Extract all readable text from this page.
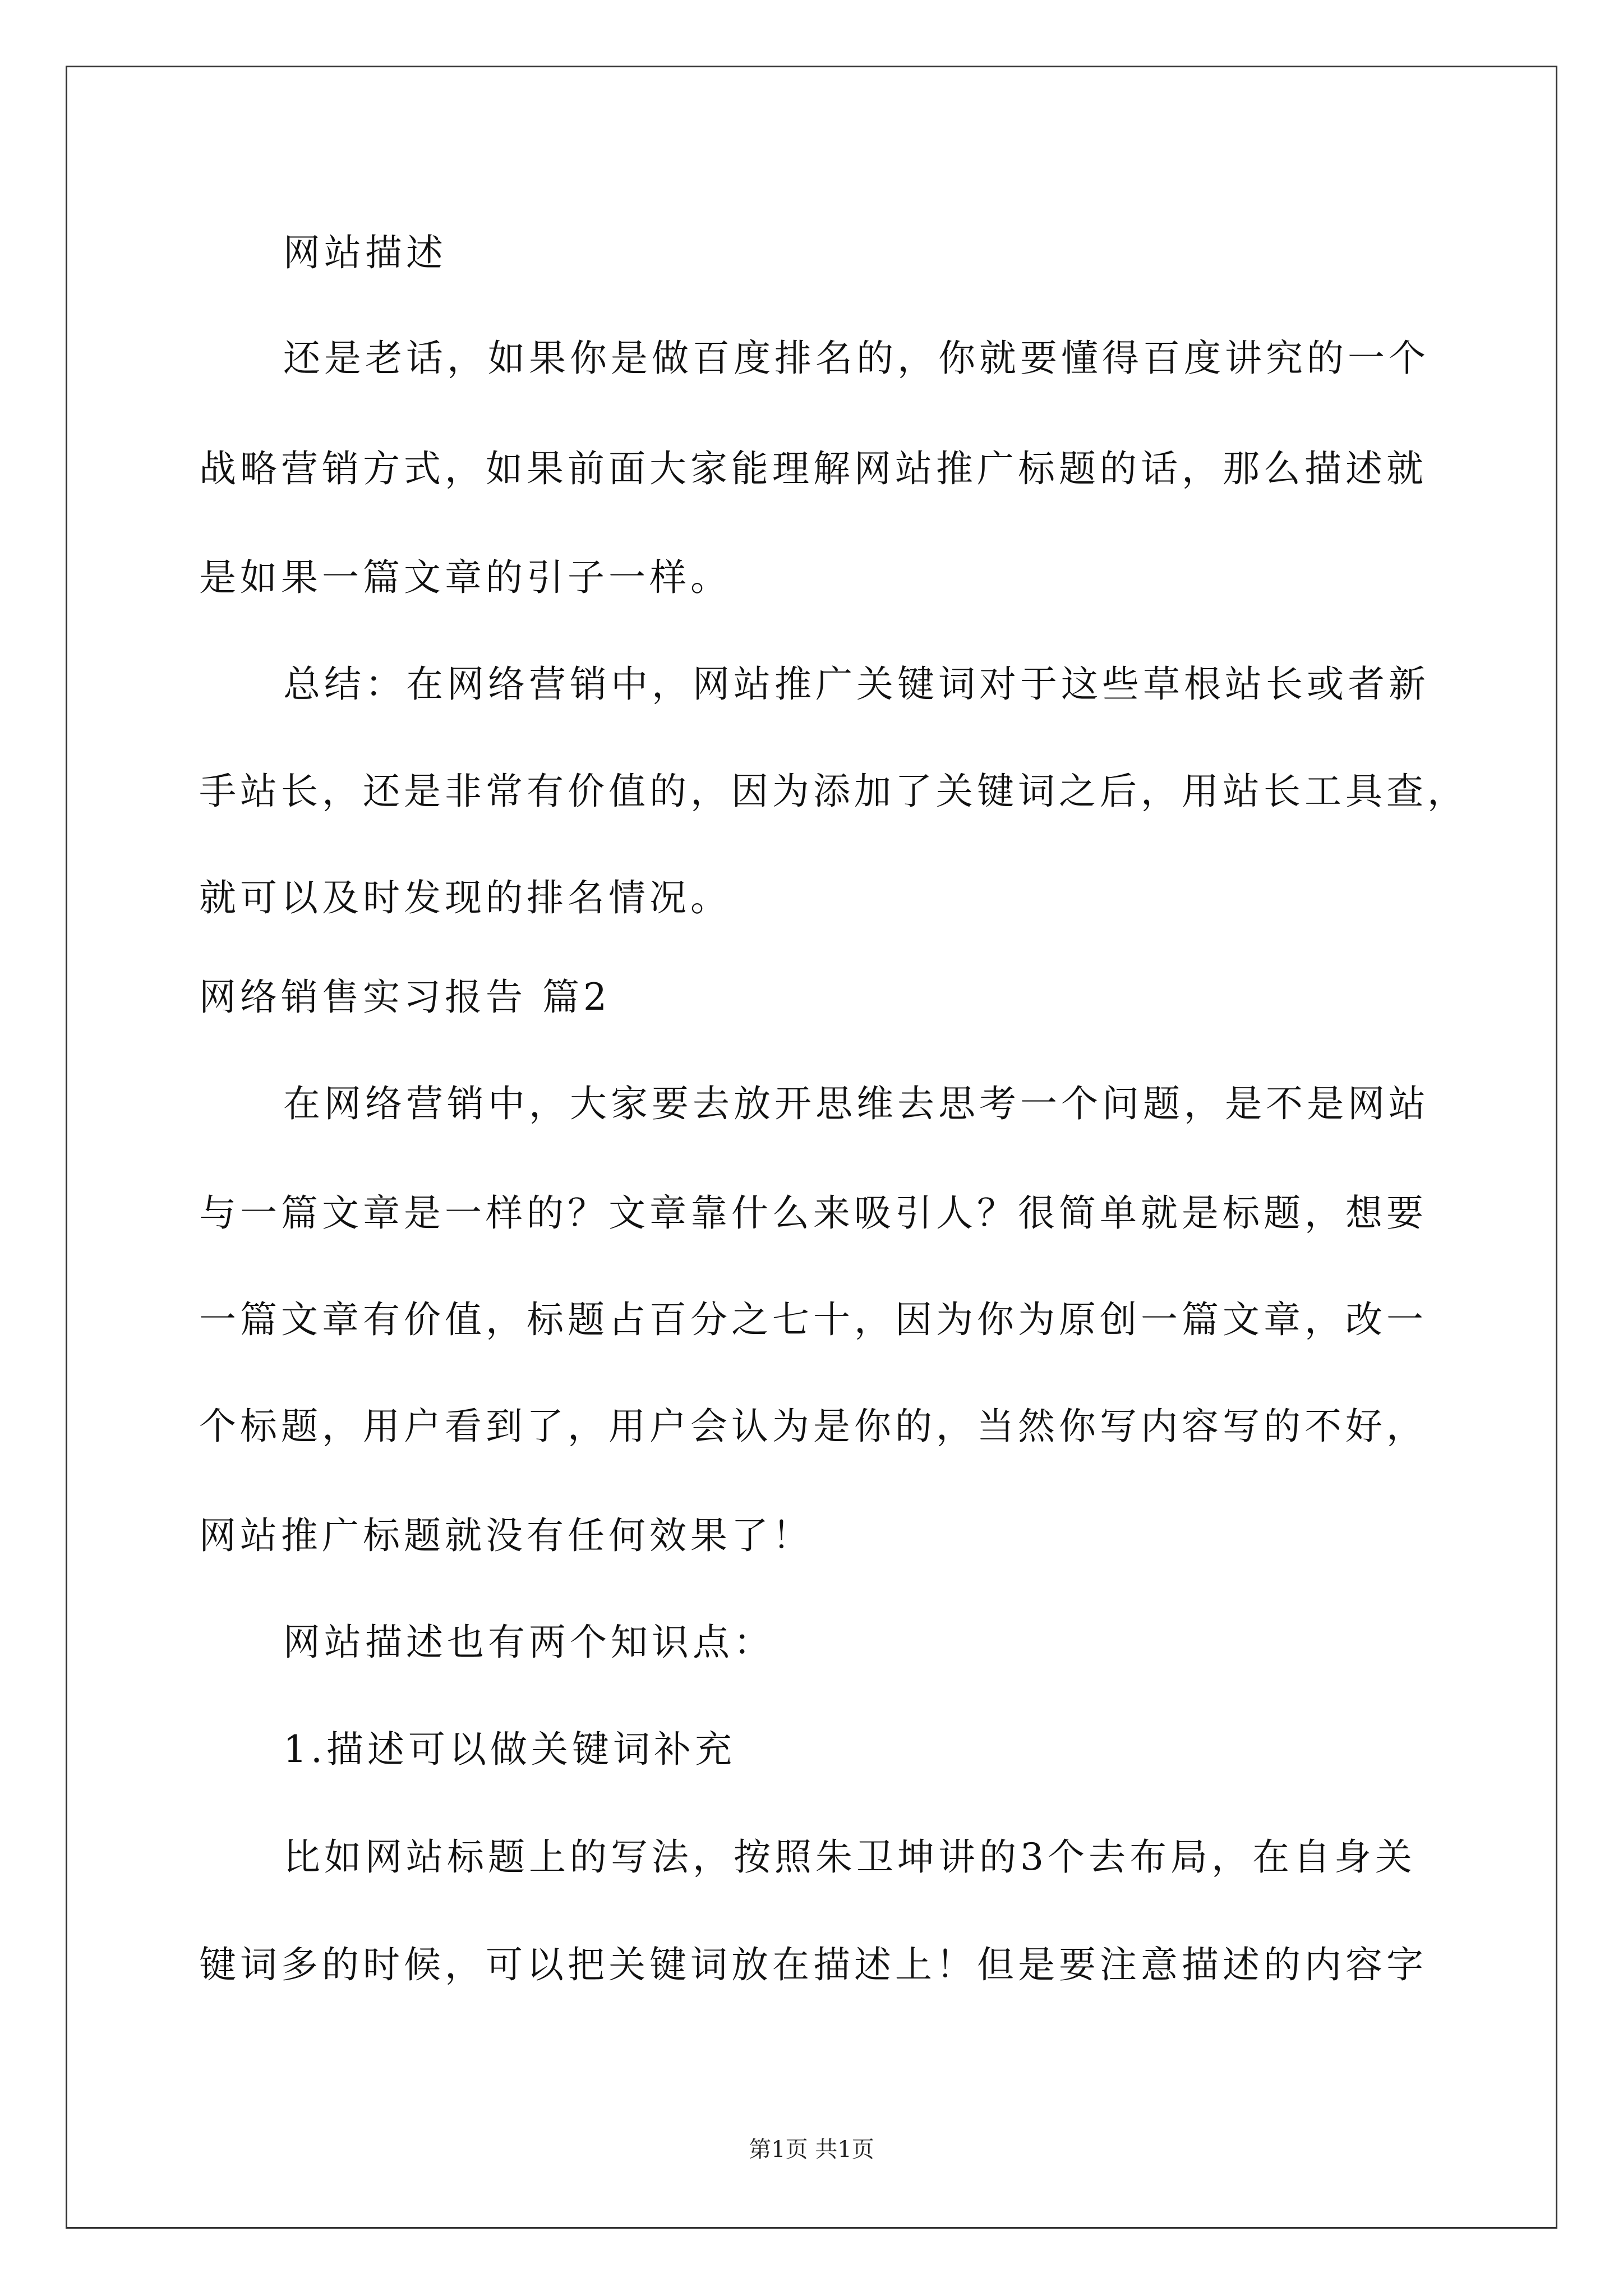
网站描述
还是老话，如果你是做百度排名的，你就要懂得百度讲究的一个
战略营销方式，如果前面大家能理解网站推广标题的话，那么描述就
是如果一篇文章的引子一样。
总结：在网络营销中，网站推广关键词对于这些草根站长或者新
手站长，还是非常有价值的，因为添加了关键词之后，用站长工具查，
就可以及时发现的排名情况。
网络销售实习报告 篇2
在网络营销中，大家要去放开思维去思考一个问题，是不是网站
与一篇文章是一样的？文章靠什么来吸引人？很简单就是标题，想要
一篇文章有价值，标题占百分之七十，因为你为原创一篇文章，改一
个标题，用户看到了，用户会认为是你的，当然你写内容写的不好，
网站推广标题就没有任何效果了！
网站描述也有两个知识点：
1.描述可以做关键词补充
比如网站标题上的写法，按照朱卫坤讲的3个去布局，在自身关
键词多的时候，可以把关键词放在描述上！但是要注意描述的内容字
第1页 共1页
